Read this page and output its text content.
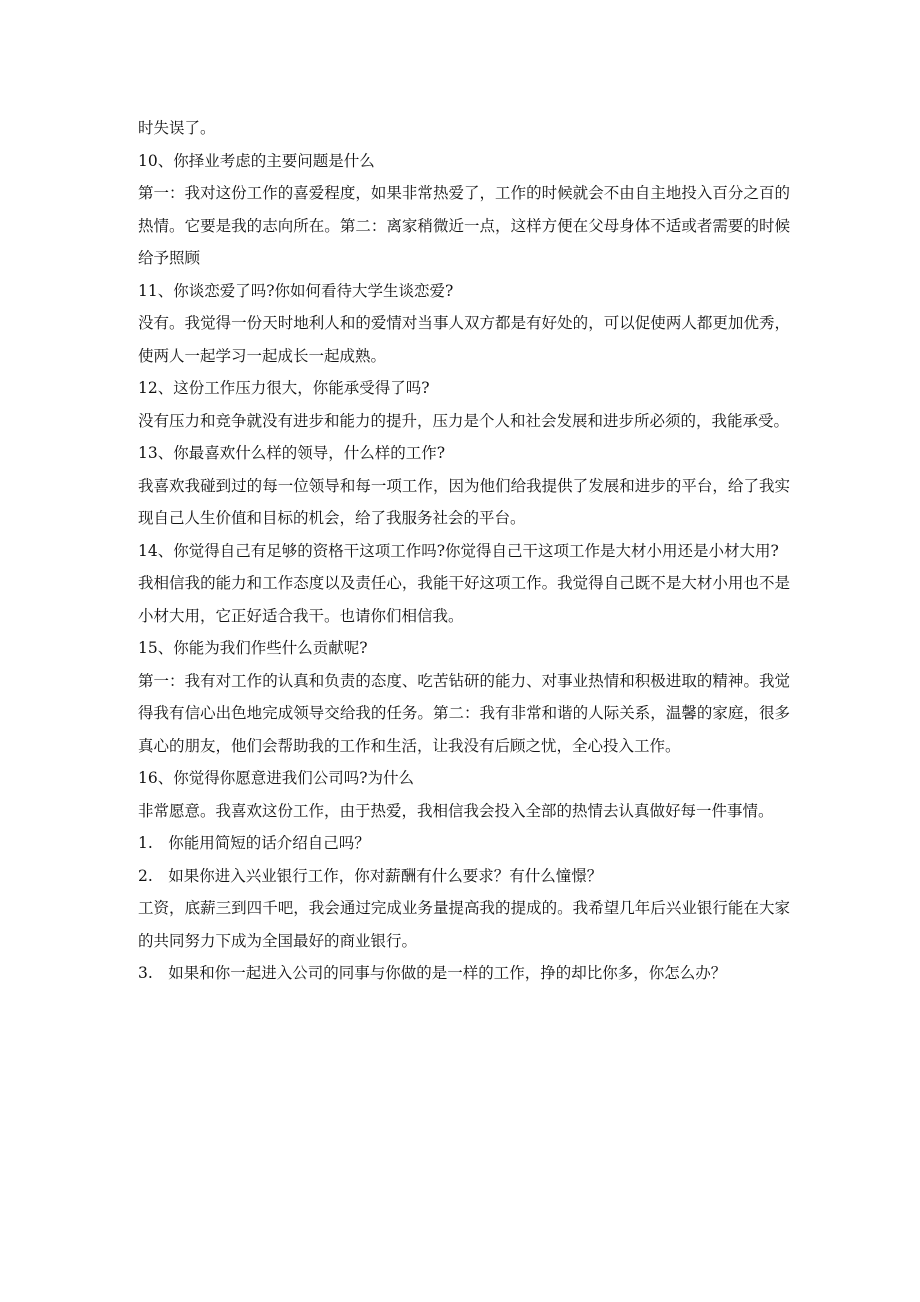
时失误了。

10、你择业考虑的主要问题是什么

第一：我对这份工作的喜爱程度，如果非常热爱了，工作的时候就会不由自主地投入百分之百的热情。它要是我的志向所在。第二：离家稍微近一点，这样方便在父母身体不适或者需要的时候给予照顾

11、你谈恋爱了吗?你如何看待大学生谈恋爱?

没有。我觉得一份天时地利人和的爱情对当事人双方都是有好处的，可以促使两人都更加优秀，使两人一起学习一起成长一起成熟。

12、这份工作压力很大，你能承受得了吗?

没有压力和竞争就没有进步和能力的提升，压力是个人和社会发展和进步所必须的，我能承受。

13、你最喜欢什么样的领导，什么样的工作?

我喜欢我碰到过的每一位领导和每一项工作，因为他们给我提供了发展和进步的平台，给了我实现自己人生价值和目标的机会，给了我服务社会的平台。

14、你觉得自己有足够的资格干这项工作吗?你觉得自己干这项工作是大材小用还是小材大用?

我相信我的能力和工作态度以及责任心，我能干好这项工作。我觉得自己既不是大材小用也不是小材大用，它正好适合我干。也请你们相信我。

15、你能为我们作些什么贡献呢?

第一：我有对工作的认真和负责的态度、吃苦钻研的能力、对事业热情和积极进取的精神。我觉得我有信心出色地完成领导交给我的任务。第二：我有非常和谐的人际关系，温馨的家庭，很多真心的朋友，他们会帮助我的工作和生活，让我没有后顾之忧，全心投入工作。

16、你觉得你愿意进我们公司吗?为什么

非常愿意。我喜欢这份工作，由于热爱，我相信我会投入全部的热情去认真做好每一件事情。

1.　你能用简短的话介绍自己吗？

2.　如果你进入兴业银行工作，你对薪酬有什么要求？有什么憧憬？

工资，底薪三到四千吧，我会通过完成业务量提高我的提成的。我希望几年后兴业银行能在大家的共同努力下成为全国最好的商业银行。

3.　如果和你一起进入公司的同事与你做的是一样的工作，挣的却比你多，你怎么办？
